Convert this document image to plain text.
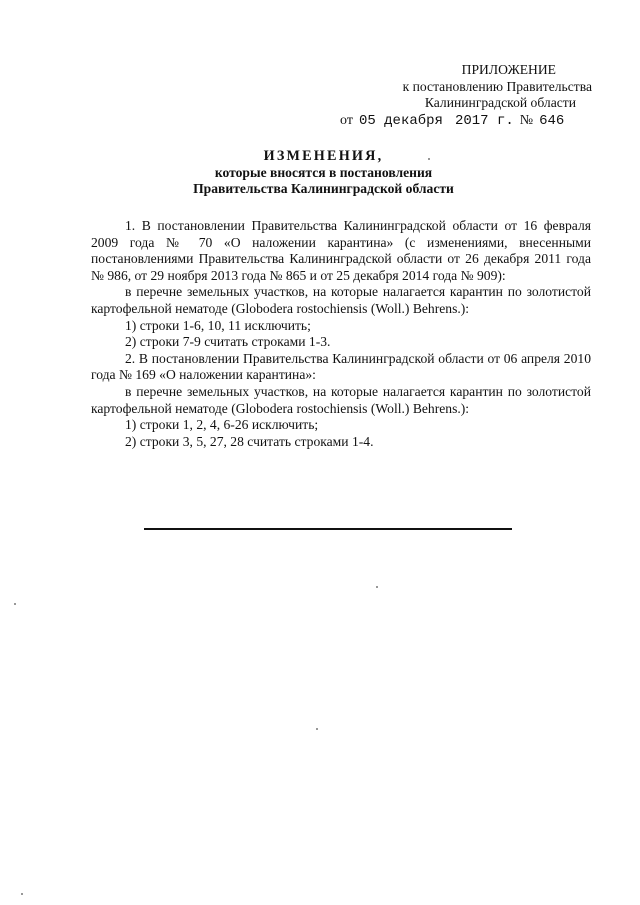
ПРИЛОЖЕНИЕ
к постановлению Правительства
Калининградской области
от 05 декабря 2017 г. № 646
ИЗМЕНЕНИЯ,
которые вносятся в постановления
Правительства Калининградской области

1. В постановлении Правительства Калининградской области от 16 февраля 2009 года № 70 «О наложении карантина» (с изменениями, внесенными постановлениями Правительства Калининградской области от 26 декабря 2011 года № 986, от 29 ноября 2013 года № 865 и от 25 декабря 2014 года № 909):

в перечне земельных участков, на которые налагается карантин по золотистой картофельной нематоде (Globodera rostochiensis (Woll.) Behrens.):

1) строки 1-6, 10, 11 исключить;

2) строки 7-9 считать строками 1-3.

2. В постановлении Правительства Калининградской области от 06 апреля 2010 года № 169 «О наложении карантина»:

в перечне земельных участков, на которые налагается карантин по золотистой картофельной нематоде (Globodera rostochiensis (Woll.) Behrens.):

1) строки 1, 2, 4, 6-26 исключить;

2) строки 3, 5, 27, 28 считать строками 1-4.
